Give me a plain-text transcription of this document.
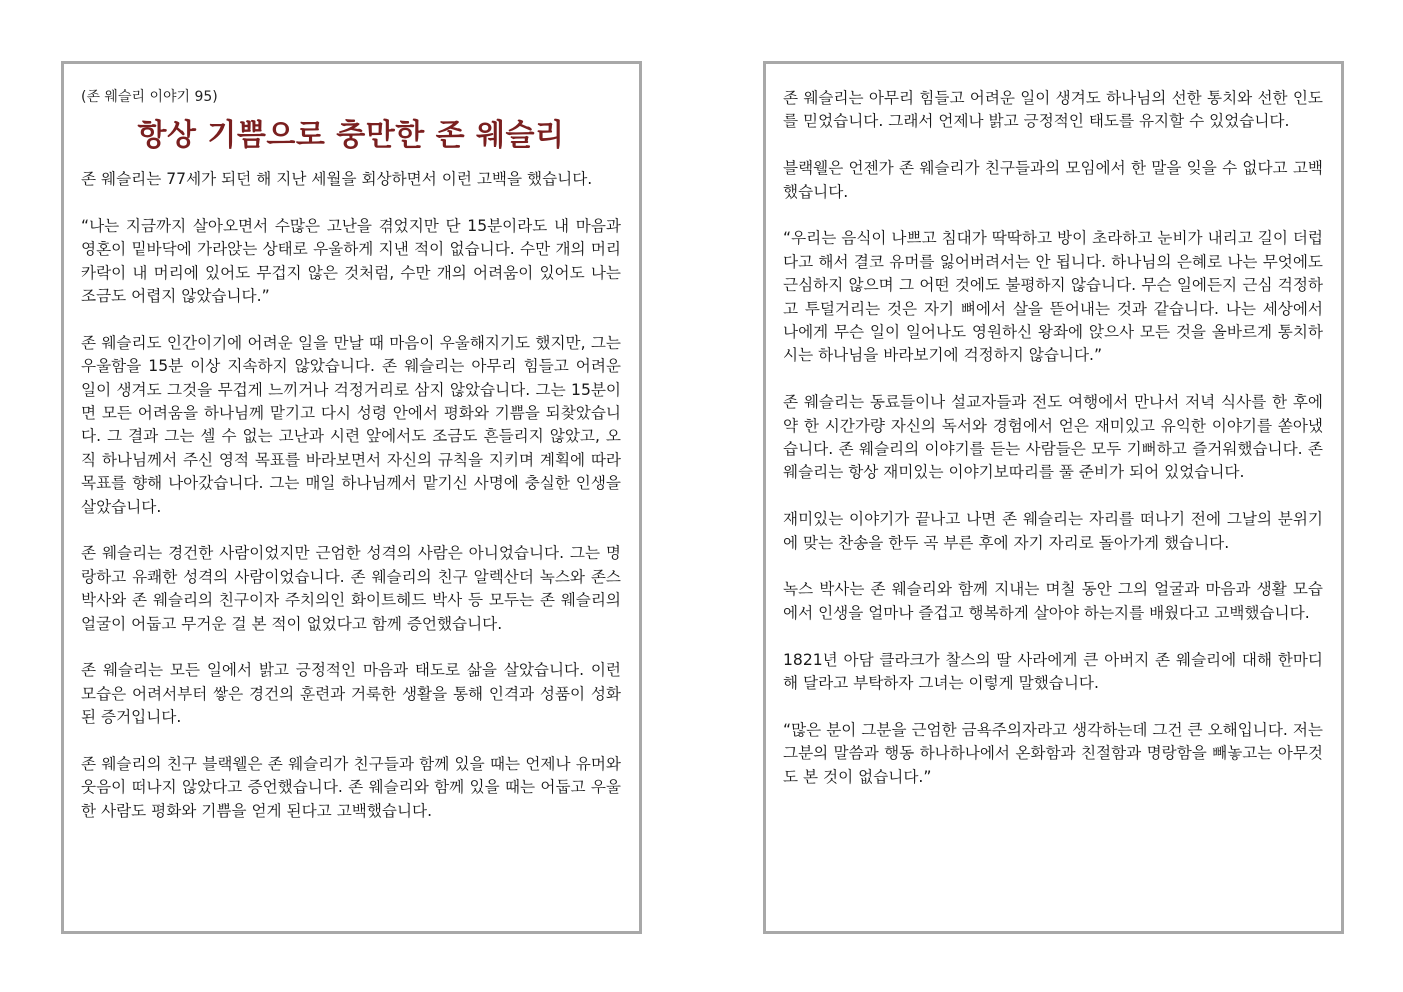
(존 웨슬리 이야기 95)
항상 기쁨으로 충만한 존 웨슬리

존 웨슬리는 77세가 되던 해 지난 세월을 회상하면서 이런 고백을 했습니다.

“나는 지금까지 살아오면서 수많은 고난을 겪었지만 단 15분이라도 내 마음과 영혼이 밑바닥에 가라앉는 상태로 우울하게 지낸 적이 없습니다. 수만 개의 머리카락이 내 머리에 있어도 무겁지 않은 것처럼, 수만 개의 어려움이 있어도 나는 조금도 어렵지 않았습니다.”

존 웨슬리도 인간이기에 어려운 일을 만날 때 마음이 우울해지기도 했지만, 그는 우울함을 15분 이상 지속하지 않았습니다. 존 웨슬리는 아무리 힘들고 어려운 일이 생겨도 그것을 무겁게 느끼거나 걱정거리로 삼지 않았습니다. 그는 15분이면 모든 어려움을 하나님께 맡기고 다시 성령 안에서 평화와 기쁨을 되찾았습니다. 그 결과 그는 셀 수 없는 고난과 시련 앞에서도 조금도 흔들리지 않았고, 오직 하나님께서 주신 영적 목표를 바라보면서 자신의 규칙을 지키며 계획에 따라 목표를 향해 나아갔습니다. 그는 매일 하나님께서 맡기신 사명에 충실한 인생을 살았습니다.

존 웨슬리는 경건한 사람이었지만 근엄한 성격의 사람은 아니었습니다. 그는 명랑하고 유쾌한 성격의 사람이었습니다. 존 웨슬리의 친구 알렉산더 녹스와 존스 박사와 존 웨슬리의 친구이자 주치의인 화이트헤드 박사 등 모두는 존 웨슬리의 얼굴이 어둡고 무거운 걸 본 적이 없었다고 함께 증언했습니다.

존 웨슬리는 모든 일에서 밝고 긍정적인 마음과 태도로 삶을 살았습니다. 이런 모습은 어려서부터 쌓은 경건의 훈련과 거룩한 생활을 통해 인격과 성품이 성화 된 증거입니다.

존 웨슬리의 친구 블랙웰은 존 웨슬리가 친구들과 함께 있을 때는 언제나 유머와 웃음이 떠나지 않았다고 증언했습니다. 존 웨슬리와 함께 있을 때는 어둡고 우울한 사람도 평화와 기쁨을 얻게 된다고 고백했습니다.

존 웨슬리는 아무리 힘들고 어려운 일이 생겨도 하나님의 선한 통치와 선한 인도를 믿었습니다. 그래서 언제나 밝고 긍정적인 태도를 유지할 수 있었습니다.

블랙웰은 언젠가 존 웨슬리가 친구들과의 모임에서 한 말을 잊을 수 없다고 고백했습니다.

“우리는 음식이 나쁘고 침대가 딱딱하고 방이 초라하고 눈비가 내리고 길이 더럽다고 해서 결코 유머를 잃어버려서는 안 됩니다. 하나님의 은혜로 나는 무엇에도 근심하지 않으며 그 어떤 것에도 불평하지 않습니다. 무슨 일에든지 근심 걱정하고 투덜거리는 것은 자기 뼈에서 살을 뜯어내는 것과 같습니다. 나는 세상에서 나에게 무슨 일이 일어나도 영원하신 왕좌에 앉으사 모든 것을 올바르게 통치하시는 하나님을 바라보기에 걱정하지 않습니다.”

존 웨슬리는 동료들이나 설교자들과 전도 여행에서 만나서 저녁 식사를 한 후에 약 한 시간가량 자신의 독서와 경험에서 얻은 재미있고 유익한 이야기를 쏟아냈습니다. 존 웨슬리의 이야기를 듣는 사람들은 모두 기뻐하고 즐거워했습니다. 존 웨슬리는 항상 재미있는 이야기보따리를 풀 준비가 되어 있었습니다.

재미있는 이야기가 끝나고 나면 존 웨슬리는 자리를 떠나기 전에 그날의 분위기에 맞는 찬송을 한두 곡 부른 후에 자기 자리로 돌아가게 했습니다.

녹스 박사는 존 웨슬리와 함께 지내는 며칠 동안 그의 얼굴과 마음과 생활 모습에서 인생을 얼마나 즐겁고 행복하게 살아야 하는지를 배웠다고 고백했습니다.

1821년 아담 클라크가 찰스의 딸 사라에게 큰 아버지 존 웨슬리에 대해 한마디 해 달라고 부탁하자 그녀는 이렇게 말했습니다.

“많은 분이 그분을 근엄한 금욕주의자라고 생각하는데 그건 큰 오해입니다. 저는 그분의 말씀과 행동 하나하나에서 온화함과 친절함과 명랑함을 빼놓고는 아무것도 본 것이 없습니다.”
